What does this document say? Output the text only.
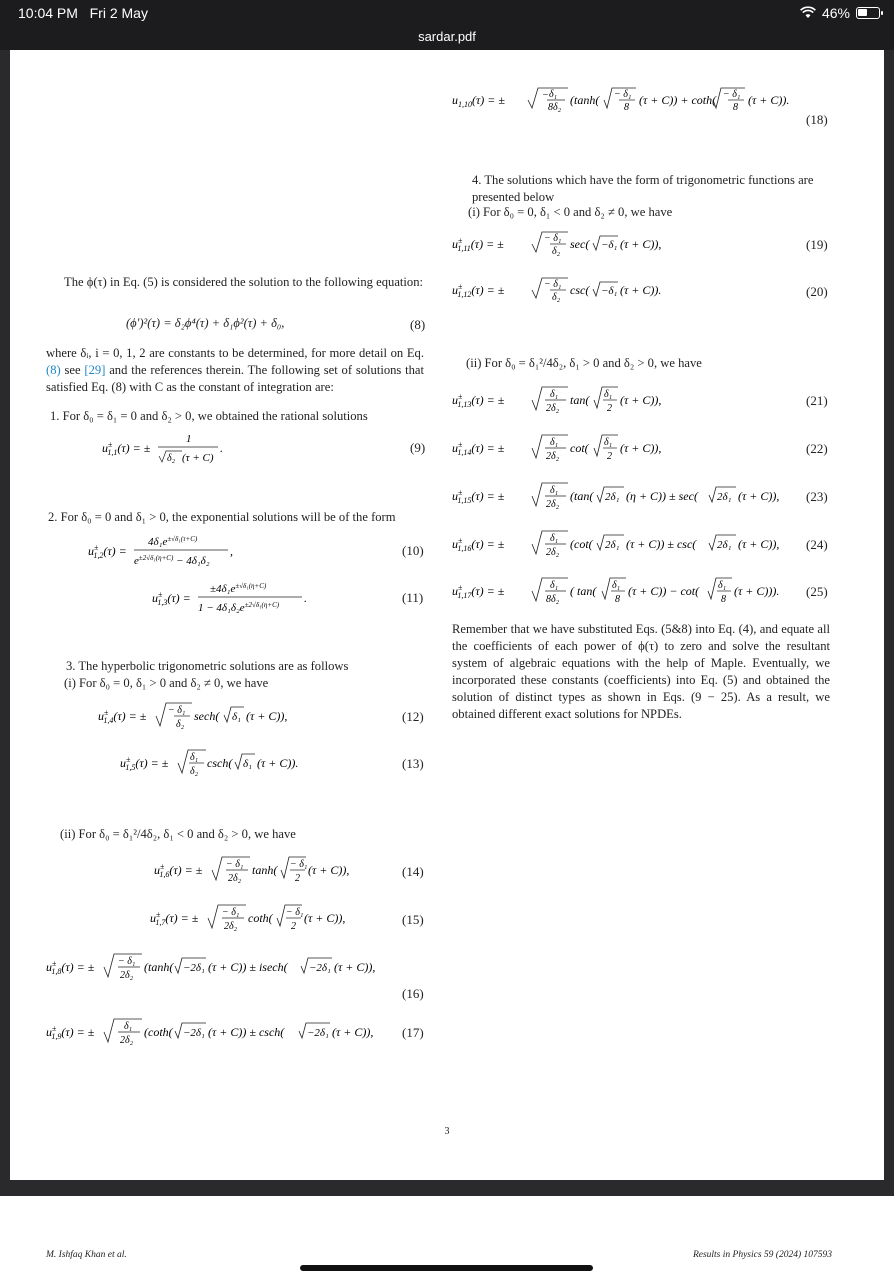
10:04 PM Fri 2 May	46%
sardar.pdf
$u_{1,10}(\tau)$ = ±	− δ₁
8δ₂
(tanh( − δ₁
8
(τ + C)) + coth( − δ₁
8
(τ + C)).
(18)
4. The solutions which have the form of trigonometric functions are presented below
(i) For δ₀ = 0, δ₁ < 0 and δ₂ ≠ 0, we have
u± 1,11(τ) = ±	− δ₁
δ₂
sec( −δ₁ (τ + C)),	(19)
u± 1,12(τ) = ±	− δ₁
δ₂
csc( −δ₁ (τ + C)).	(20)
(ii) For δ₀ = δ₁²/4δ₂, δ₁ > 0 and δ₂ > 0, we have
u± 1,13(τ) = ±	δ₁
2δ₂
tan( δ₁
2
(τ + C)),	(21)
u± 1,14(τ) = ±	δ₁
2δ₂
cot( δ₁
2
(τ + C)),	(22)
u± 1,15(τ) = ±	δ₁
2δ₂
(tan( 2δ₁ (η + C)) ± sec( 2δ₁ (τ + C)), (23)
u± 1,16(τ) = ±	δ₁
2δ₂
(cot( 2δ₁ (τ + C)) ± csc( 2δ₁ (τ + C)), (24)
u± 1,17(τ) = ±	δ₁
8δ₂
( tan( δ₁
8
(τ + C)) − cot( δ₁
8
(τ + C))). (25)
Remember that we have substituted Eqs. (5&8) into Eq. (4), and equate all the coefficients of each power of ϕ(τ) to zero and solve the resultant system of algebraic equations with the help of Maple. Eventually, we incorporated these constants (coefficients) into Eq. (5) and obtained the solution of distinct types as shown in Eqs. (9 − 25). As a result, we obtained different exact solutions for NPDEs.
The ϕ(τ) in Eq. (5) is considered the solution to the following equation:
(ϕ′)²(τ) = δ₂ϕ⁴(τ) + δ₁ϕ²(τ) + δ₀,	(8)
where δᵢ, i = 0, 1, 2 are constants to be determined, for more detail on Eq. (8) see [29] and the references therein. The following set of solutions that satisfied Eq. (8) with C as the constant of integration are:
1. For δ₀ = δ₁ = 0 and δ₂ > 0, we obtained the rational solutions
u± 1,1(τ) = ±
1
δ₂ (τ + C)
.	(9)
2. For δ₀ = 0 and δ₁ > 0, the exponential solutions will be of the form
u± 1,2(τ) =
$4\delta_1e^{\pm√\delta_1(\tau+C)}$
$e^{\pm 2√\delta_1(\eta+C)} - 4\delta_1\delta_2$
,	(10)
u± 1,3(τ) =
$\pm 4\delta_1e^{\pm√\delta_1(\eta+C)}$
$1 - 4\delta_1\delta_2e^{\pm 2√\delta_1(\eta+C)}$ .	(11)
3. The hyperbolic trigonometric solutions are as follows
(i) For δ₀ = 0, δ₁ > 0 and δ₂ ≠ 0, we have
u± 1,4(τ) = ± − δ₁
δ₂
sech( δ₁ (τ + C)),	(12)
u± 1,5(τ) = ± δ₁
δ₂
csch( δ₁ (τ + C)).	(13)
(ii) For δ₀ = δ₁²/4δ₂, δ₁ < 0 and δ₂ > 0, we have
u± 1,6(τ) = ± − δ₁
2δ₂
tanh( − δ₁
2
(τ + C)),	(14)
u± 1,7(τ) = ± − δ₁
2δ₂
coth( − δ₁
2
(τ + C)),	(15)
u± 1,8(τ) = ± − δ₁
2δ₂
(tanh( −2δ₁ (τ + C)) ± isech( −2δ₁ (τ + C)),
(16)
u± 1,9(τ) = ±	δ₁
2δ₂
(coth( −2δ₁ (τ + C)) ± csch( −2δ₁ (τ + C)), (17)
3
M. Ishfaq Khan et al.	Results in Physics 59 (2024) 107593
